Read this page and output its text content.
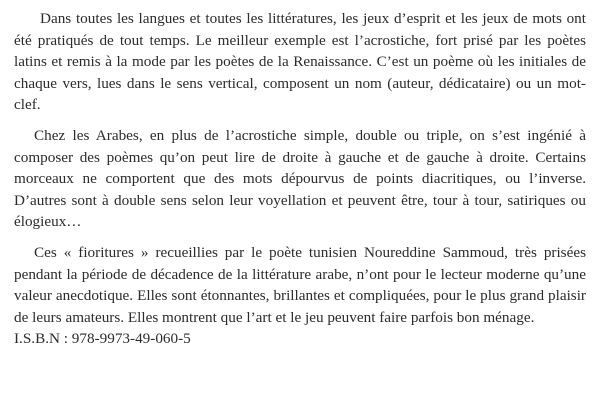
Dans toutes les langues et toutes les littératures, les jeux d’esprit et les jeux de mots ont été pratiqués de tout temps. Le meilleur exemple est l’acrostiche, fort prisé par les poètes latins et remis à la mode par les poètes de la Renaissance. C’est un poème où les initiales de chaque vers, lues dans le sens vertical, composent un nom (auteur, dédicataire) ou un mot-clef.

Chez les Arabes, en plus de l’acrostiche simple, double ou triple, on s’est ingénié à composer des poèmes qu’on peut lire de droite à gauche et de gauche à droite. Certains morceaux ne comportent que des mots dépourvus de points diacritiques, ou l’inverse. D’autres sont à double sens selon leur voyellation et peuvent être, tour à tour, satiriques ou élogieux…

Ces « fioritures » recueillies par le poète tunisien Noureddine Sammoud, très prisées pendant la période de décadence de la littérature arabe, n’ont pour le lecteur moderne qu’une valeur anecdotique. Elles sont étonnantes, brillantes et compliquées, pour le plus grand plaisir de leurs amateurs. Elles montrent que l’art et le jeu peuvent faire parfois bon ménage.

I.S.B.N : 978-9973-49-060-5
